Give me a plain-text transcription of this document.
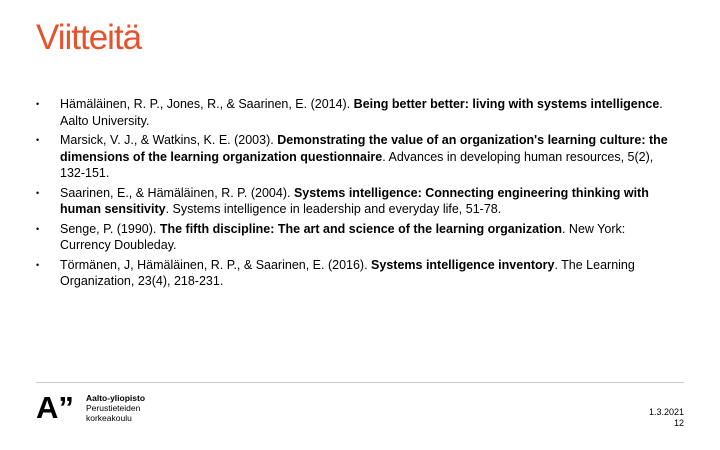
Viitteitä
• Hämäläinen, R. P., Jones, R., & Saarinen, E. (2014). Being better better: living with systems intelligence. Aalto University.
• Marsick, V. J., & Watkins, K. E. (2003). Demonstrating the value of an organization's learning culture: the dimensions of the learning organization questionnaire. Advances in developing human resources, 5(2), 132-151.
• Saarinen, E., & Hämäläinen, R. P. (2004). Systems intelligence: Connecting engineering thinking with human sensitivity. Systems intelligence in leadership and everyday life, 51-78.
• Senge, P. (1990). The fifth discipline: The art and science of the learning organization. New York: Currency Doubleday.
• Törmänen, J, Hämäläinen, R. P., & Saarinen, E. (2016). Systems intelligence inventory. The Learning Organization, 23(4), 218-231.
A” Aalto-yliopisto
Perustieteiden
korkeakoulu
1.3.2021
12
